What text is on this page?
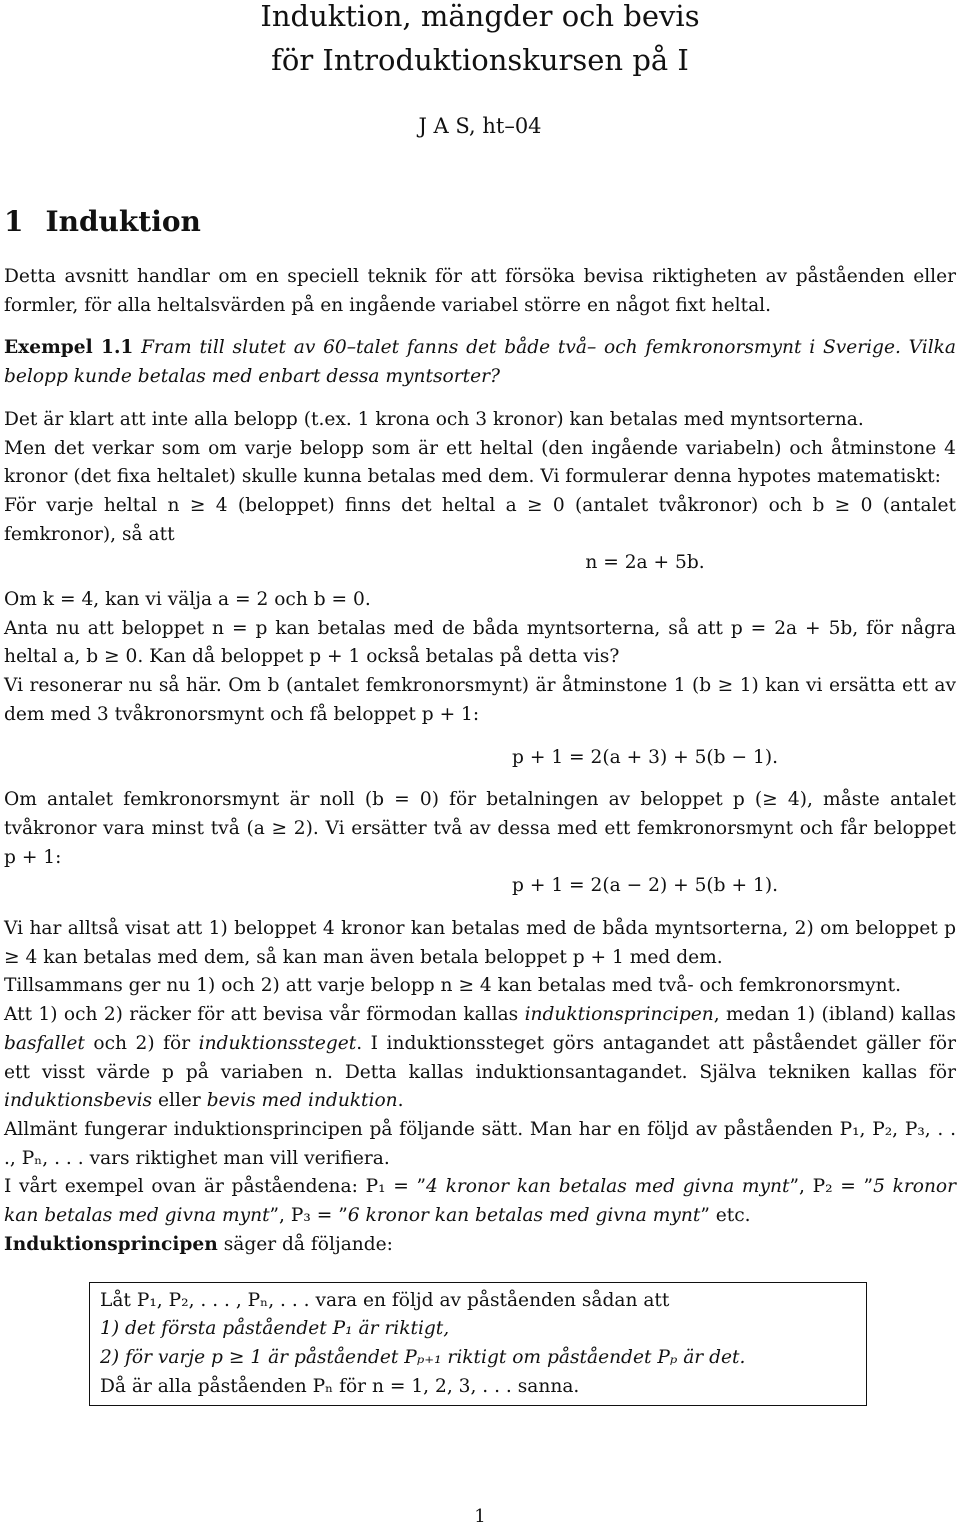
Induktion, mängder och bevis
för Introduktionskursen på I
J A S, ht–04
1 Induktion

Detta avsnitt handlar om en speciell teknik för att försöka bevisa riktigheten av påståenden eller formler, för alla heltalsvärden på en ingående variabel större en något fixt heltal.

Exempel 1.1 Fram till slutet av 60–talet fanns det både två– och femkronorsmynt i Sverige. Vilka belopp kunde betalas med enbart dessa myntsorter?

Det är klart att inte alla belopp (t.ex. 1 krona och 3 kronor) kan betalas med myntsorterna.

Men det verkar som om varje belopp som är ett heltal (den ingående variabeln) och åtminstone 4 kronor (det fixa heltalet) skulle kunna betalas med dem. Vi formulerar denna hypotes matematiskt:

För varje heltal n ≥ 4 (beloppet) finns det heltal a ≥ 0 (antalet tvåkronor) och b ≥ 0 (antalet femkronor), så att

n = 2a + 5b.

Om k = 4, kan vi välja a = 2 och b = 0.

Anta nu att beloppet n = p kan betalas med de båda myntsorterna, så att p = 2a + 5b, för några heltal a, b ≥ 0. Kan då beloppet p + 1 också betalas på detta vis?

Vi resonerar nu så här. Om b (antalet femkronorsmynt) är åtminstone 1 (b ≥ 1) kan vi ersätta ett av dem med 3 tvåkronorsmynt och få beloppet p + 1:

p + 1 = 2(a + 3) + 5(b − 1).

Om antalet femkronorsmynt är noll (b = 0) för betalningen av beloppet p (≥ 4), måste antalet tvåkronor vara minst två (a ≥ 2). Vi ersätter två av dessa med ett femkronorsmynt och får beloppet p + 1:

p + 1 = 2(a − 2) + 5(b + 1).

Vi har alltså visat att 1) beloppet 4 kronor kan betalas med de båda myntsorterna, 2) om beloppet p ≥ 4 kan betalas med dem, så kan man även betala beloppet p + 1 med dem.

Tillsammans ger nu 1) och 2) att varje belopp n ≥ 4 kan betalas med två- och femkronorsmynt.

Att 1) och 2) räcker för att bevisa vår förmodan kallas induktionsprincipen, medan 1) (ibland) kallas basfallet och 2) för induktionssteget. I induktionssteget görs antagandet att påståendet gäller för ett visst värde p på variaben n. Detta kallas induktionsantagandet. Själva tekniken kallas för induktionsbevis eller bevis med induktion.

Allmänt fungerar induktionsprincipen på följande sätt. Man har en följd av påståenden P₁, P₂, P₃, . . ., Pₙ, . . . vars riktighet man vill verifiera.

I vårt exempel ovan är påståendena: P₁ = ”4 kronor kan betalas med givna mynt”, P₂ = ”5 kronor kan betalas med givna mynt”, P₃ = ”6 kronor kan betalas med givna mynt” etc.

Induktionsprincipen säger då följande:

Låt P₁, P₂, . . . , Pₙ, . . . vara en följd av påståenden sådan att

1) det första påståendet P₁ är riktigt,

2) för varje p ≥ 1 är påståendet Pₚ₊₁ riktigt om påståendet Pₚ är det.

Då är alla påståenden Pₙ för n = 1, 2, 3, . . . sanna.

1
